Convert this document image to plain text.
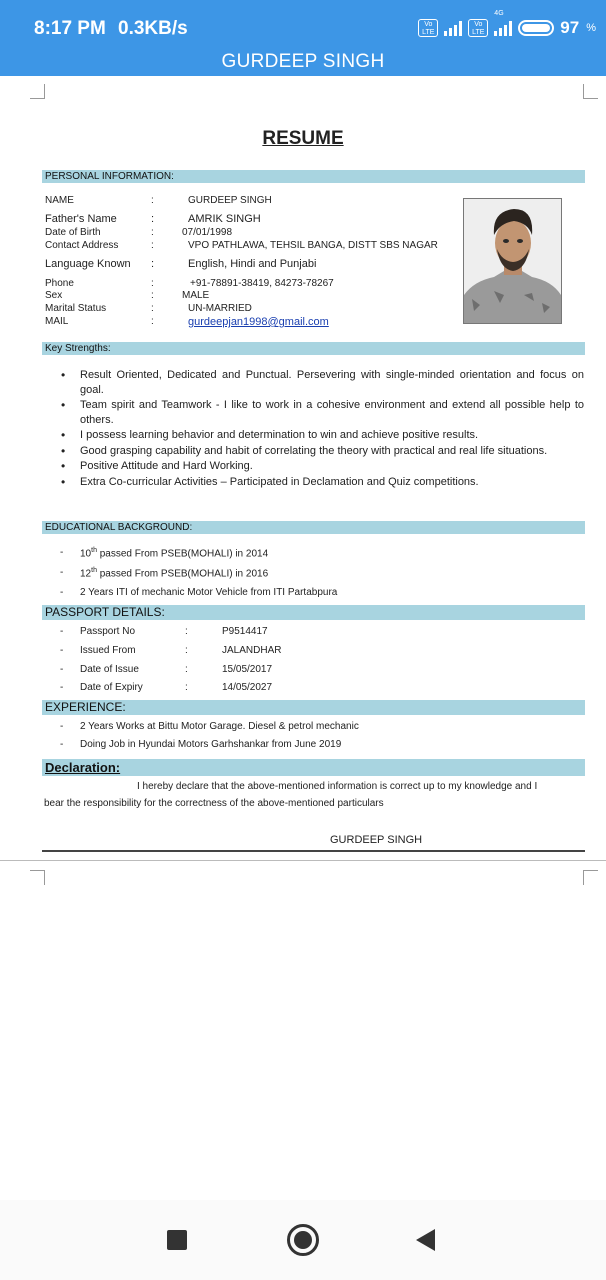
8:17 PM 0.3KB/s	Vo LTE
Vo LTE
4G
97 %
GURDEEP SINGH
RESUME
PERSONAL INFORMATION:
NAME	:	GURDEEP SINGH
Father's Name	:	AMRIK SINGH
Date of Birth	:	07/01/1998
Contact Address	:	VPO PATHLAWA, TEHSIL BANGA, DISTT SBS NAGAR
Language Known :	English, Hindi and Punjabi
Phone	:	+91-78891-38419, 84273-78267
Sex	:	MALE
Marital Status	:	UN-MARRIED
MAIL	:	gurdeepjan1998@gmail.com
Key Strengths:
• Result Oriented, Dedicated and Punctual. Persevering with single-minded orientation and focus on goal.
• Team spirit and Teamwork - I like to work in a cohesive environment and extend all possible help to others.
• I possess learning behavior and determination to win and achieve positive results.
• Good grasping capability and habit of correlating the theory with practical and real life situations.
• Positive Attitude and Hard Working.
• Extra Co-curricular Activities – Participated in Declamation and Quiz competitions.
EDUCATIONAL BACKGROUND:
- 10th passed From PSEB(MOHALI) in 2014
- 12th passed From PSEB(MOHALI) in 2016
- 2 Years ITI of mechanic Motor Vehicle from ITI Partabpura
PASSPORT DETAILS:
- Passport No	:	P9514417
- Issued From	:	JALANDHAR
- Date of Issue	:	15/05/2017
- Date of Expiry	:	14/05/2027
EXPERIENCE:
- 2 Years Works at Bittu Motor Garage. Diesel & petrol mechanic
- Doing Job in Hyundai Motors Garhshankar from June 2019
Declaration:
I hereby declare that the above-mentioned information is correct up to my knowledge and I
bear the responsibility for the correctness of the above-mentioned particulars
GURDEEP SINGH
